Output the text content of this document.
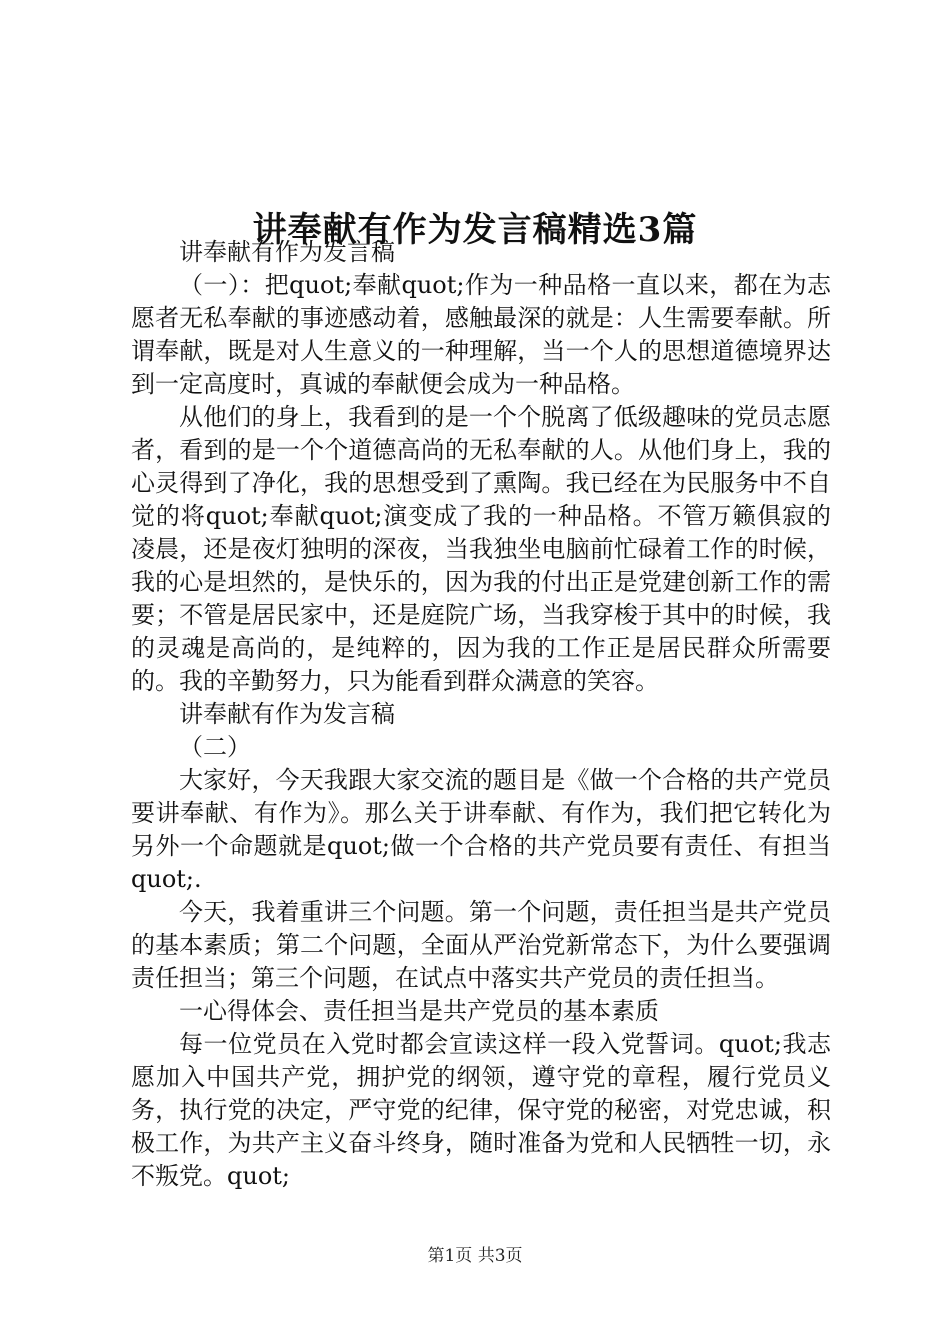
讲奉献有作为发言稿精选3篇

讲奉献有作为发言稿

（一）：把quot;奉献quot;作为一种品格一直以来，都在为志愿者无私奉献的事迹感动着，感触最深的就是：人生需要奉献。所谓奉献，既是对人生意义的一种理解，当一个人的思想道德境界达到一定高度时，真诚的奉献便会成为一种品格。

从他们的身上，我看到的是一个个脱离了低级趣味的党员志愿者，看到的是一个个道德高尚的无私奉献的人。从他们身上，我的心灵得到了净化，我的思想受到了熏陶。我已经在为民服务中不自觉的将quot;奉献quot;演变成了我的一种品格。不管万籁俱寂的凌晨，还是夜灯独明的深夜，当我独坐电脑前忙碌着工作的时候，我的心是坦然的，是快乐的，因为我的付出正是党建创新工作的需要；不管是居民家中，还是庭院广场，当我穿梭于其中的时候，我的灵魂是高尚的，是纯粹的，因为我的工作正是居民群众所需要的。我的辛勤努力，只为能看到群众满意的笑容。

讲奉献有作为发言稿

（二）

大家好，今天我跟大家交流的题目是《做一个合格的共产党员要讲奉献、有作为》。那么关于讲奉献、有作为，我们把它转化为另外一个命题就是quot;做一个合格的共产党员要有责任、有担当quot;.

今天，我着重讲三个问题。第一个问题，责任担当是共产党员的基本素质；第二个问题，全面从严治党新常态下，为什么要强调责任担当；第三个问题，在试点中落实共产党员的责任担当。

一心得体会、责任担当是共产党员的基本素质

每一位党员在入党时都会宣读这样一段入党誓词。quot;我志愿加入中国共产党，拥护党的纲领，遵守党的章程，履行党员义务，执行党的决定，严守党的纪律，保守党的秘密，对党忠诚，积极工作，为共产主义奋斗终身，随时准备为党和人民牺牲一切，永不叛党。quot;

第1页 共3页
